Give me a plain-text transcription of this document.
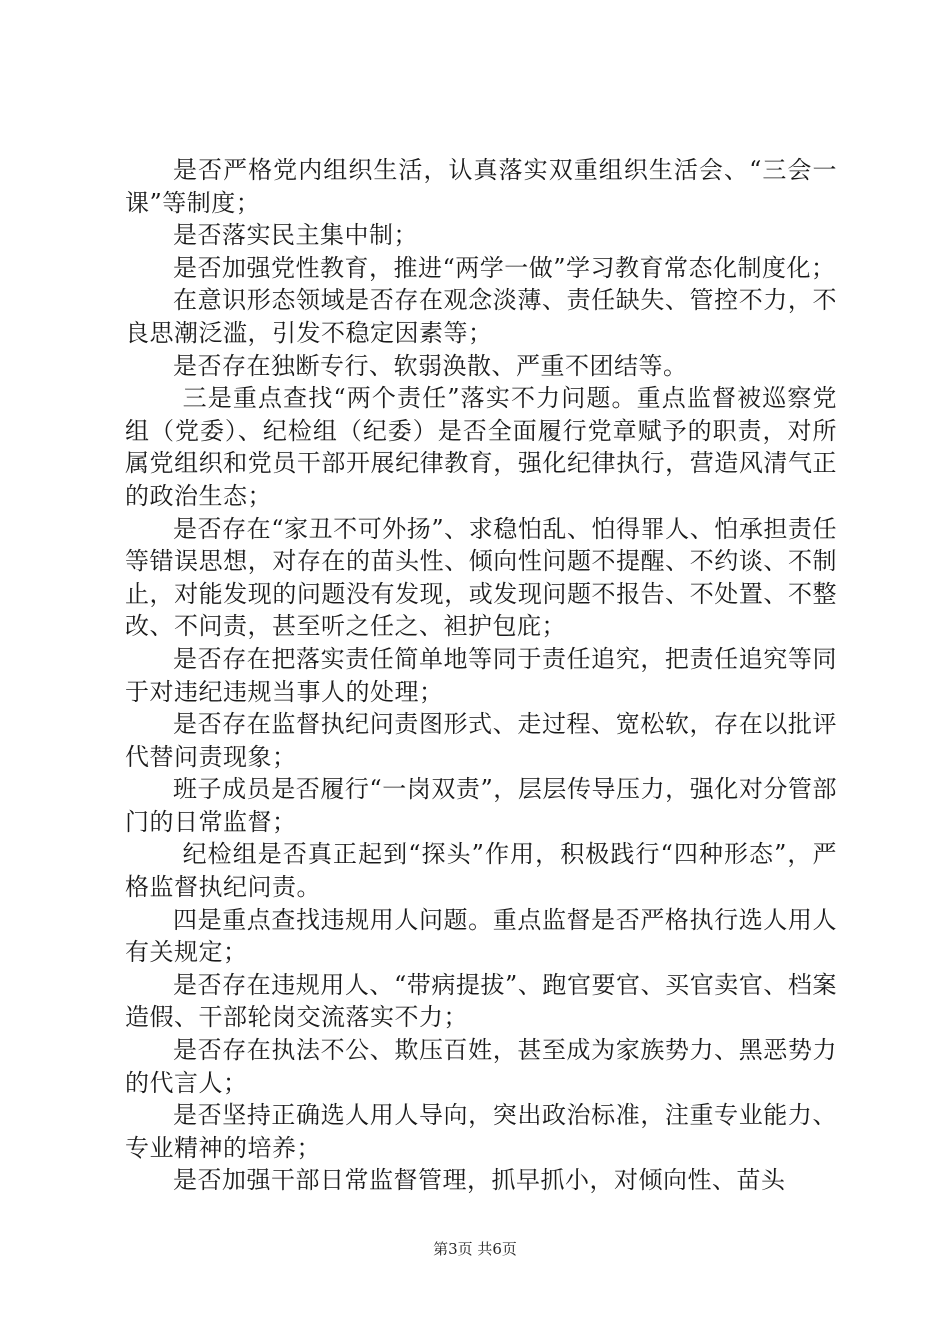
是否严格党内组织生活，认真落实双重组织生活会、“三会一课”等制度；

是否落实民主集中制；

是否加强党性教育，推进“两学一做”学习教育常态化制度化；

在意识形态领域是否存在观念淡薄、责任缺失、管控不力，不良思潮泛滥，引发不稳定因素等；

是否存在独断专行、软弱涣散、严重不团结等。

三是重点查找“两个责任”落实不力问题。重点监督被巡察党组（党委）、纪检组（纪委）是否全面履行党章赋予的职责，对所属党组织和党员干部开展纪律教育，强化纪律执行，营造风清气正的政治生态；

是否存在“家丑不可外扬”、求稳怕乱、怕得罪人、怕承担责任等错误思想，对存在的苗头性、倾向性问题不提醒、不约谈、不制止，对能发现的问题没有发现，或发现问题不报告、不处置、不整改、不问责，甚至听之任之、袒护包庇；

是否存在把落实责任简单地等同于责任追究，把责任追究等同于对违纪违规当事人的处理；

是否存在监督执纪问责图形式、走过程、宽松软，存在以批评代替问责现象；

班子成员是否履行“一岗双责”，层层传导压力，强化对分管部门的日常监督；

纪检组是否真正起到“探头”作用，积极践行“四种形态”，严格监督执纪问责。

四是重点查找违规用人问题。重点监督是否严格执行选人用人有关规定；

是否存在违规用人、“带病提拔”、跑官要官、买官卖官、档案造假、干部轮岗交流落实不力；

是否存在执法不公、欺压百姓，甚至成为家族势力、黑恶势力的代言人；

是否坚持正确选人用人导向，突出政治标准，注重专业能力、专业精神的培养；

是否加强干部日常监督管理，抓早抓小，对倾向性、苗头

第3页 共6页
